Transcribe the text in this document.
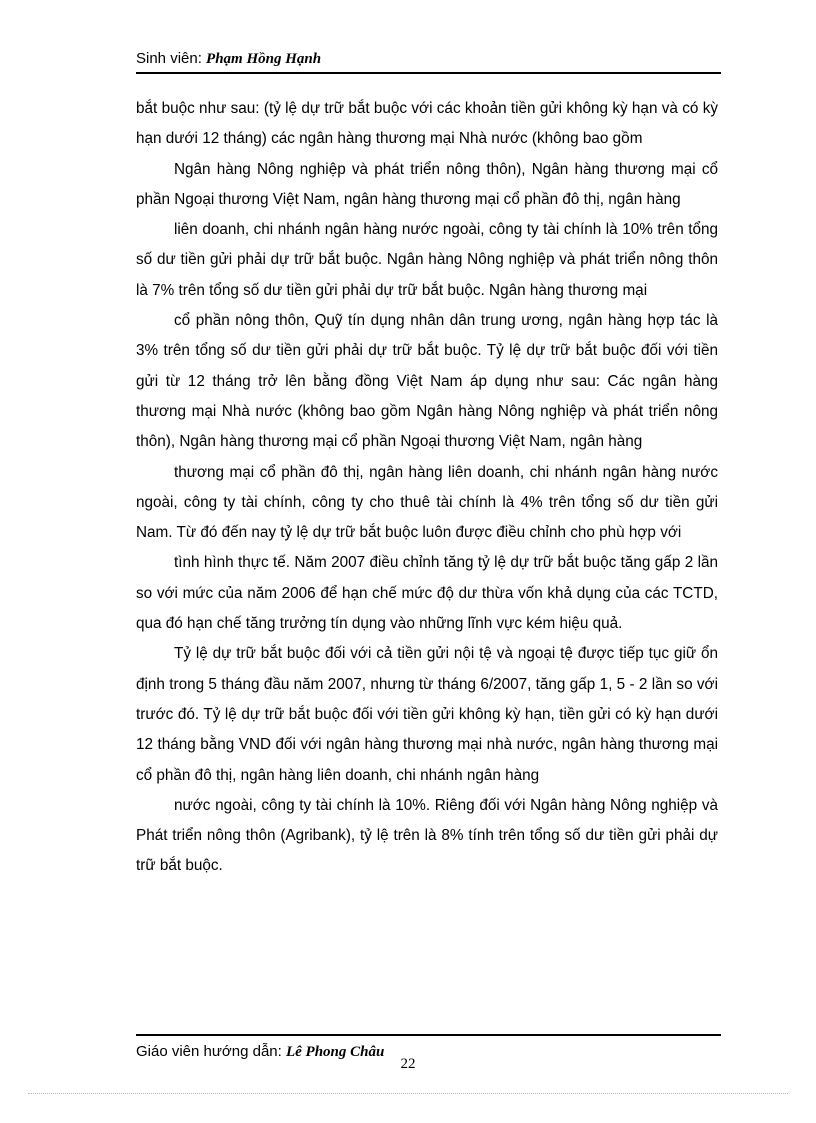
Sinh viên: Phạm Hồng Hạnh

bắt buộc như sau: (tỷ lệ dự trữ bắt buộc với các khoản tiền gửi không kỳ hạn và có kỳ hạn dưới 12 tháng) các ngân hàng thương mại Nhà nước (không bao gồm

Ngân hàng Nông nghiệp và phát triển nông thôn), Ngân hàng thương mại cổ phần Ngoại thương Việt Nam, ngân hàng thương mại cổ phần đô thị, ngân hàng

liên doanh, chi nhánh ngân hàng nước ngoài, công ty tài chính là 10% trên tổng số dư tiền gửi phải dự trữ bắt buộc. Ngân hàng Nông nghiệp và phát triển nông thôn là 7% trên tổng số dư tiền gửi phải dự trữ bắt buộc. Ngân hàng thương mại

cổ phần nông thôn, Quỹ tín dụng nhân dân trung ương, ngân hàng hợp tác là 3% trên tổng số dư tiền gửi phải dự trữ bắt buộc. Tỷ lệ dự trữ bắt buộc đối với tiền gửi từ 12 tháng trở lên bằng đồng Việt Nam áp dụng như sau: Các ngân hàng thương mại Nhà nước (không bao gồm Ngân hàng Nông nghiệp và phát triển nông thôn), Ngân hàng thương mại cổ phần Ngoại thương Việt Nam, ngân hàng

thương mại cổ phần đô thị, ngân hàng liên doanh, chi nhánh ngân hàng nước ngoài, công ty tài chính, công ty cho thuê tài chính là 4% trên tổng số dư tiền gửi Nam. Từ đó đến nay tỷ lệ dự trữ bắt buộc luôn được điều chỉnh cho phù hợp với

tình hình thực tế. Năm 2007 điều chỉnh tăng tỷ lệ dự trữ bắt buộc tăng gấp 2 lần so với mức của năm 2006 để hạn chế mức độ dư thừa vốn khả dụng của các TCTD, qua đó hạn chế tăng trưởng tín dụng vào những lĩnh vực kém hiệu quả.

Tỷ lệ dự trữ bắt buộc đối với cả tiền gửi nội tệ và ngoại tệ được tiếp tục giữ ổn định trong 5 tháng đầu năm 2007, nhưng từ tháng 6/2007, tăng gấp 1, 5 - 2 lần so với trước đó. Tỷ lệ dự trữ bắt buộc đối với tiền gửi không kỳ hạn, tiền gửi có kỳ hạn dưới 12 tháng bằng VND đối với ngân hàng thương mại nhà nước, ngân hàng thương mại cổ phần đô thị, ngân hàng liên doanh, chi nhánh ngân hàng

nước ngoài, công ty tài chính là 10%. Riêng đối với Ngân hàng Nông nghiệp và Phát triển nông thôn (Agribank), tỷ lệ trên là 8% tính trên tổng số dư tiền gửi phải dự trữ bắt buộc.

Giáo viên hướng dẫn: Lê Phong Châu
22
